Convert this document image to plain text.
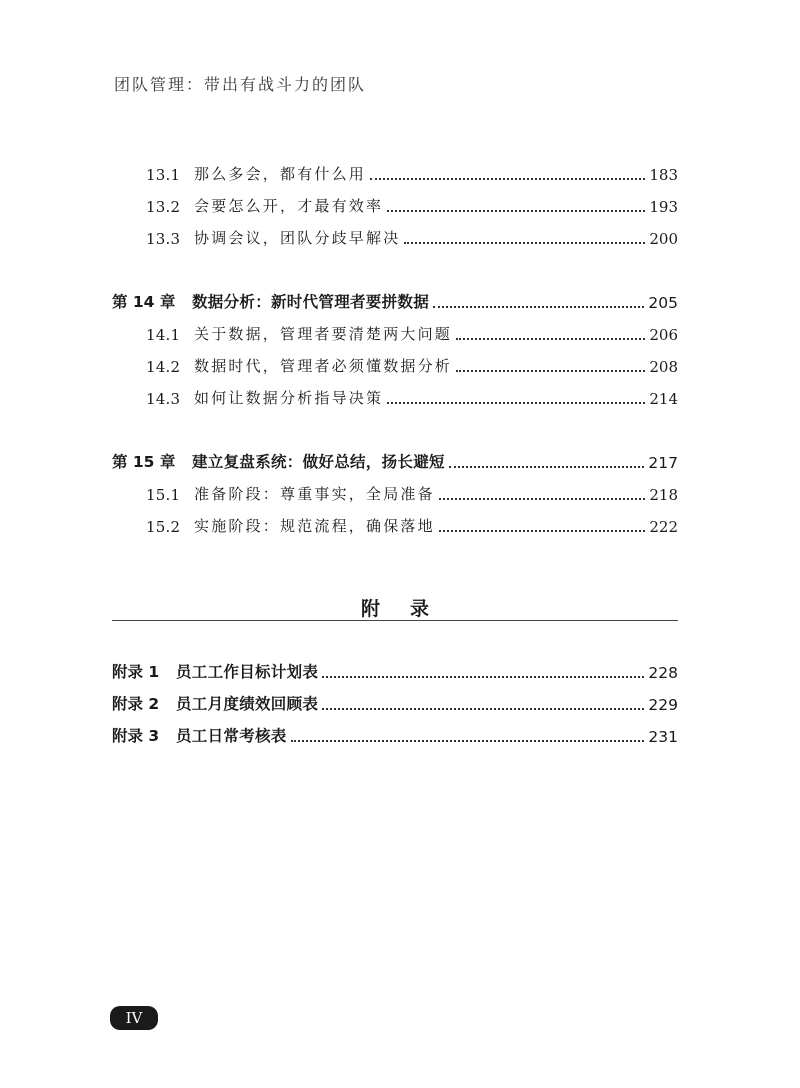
团队管理：带出有战斗力的团队
13.1 那么多会，都有什么用	183
13.2 会要怎么开，才最有效率	193
13.3 协调会议，团队分歧早解决	200
第 14 章	数据分析：新时代管理者要拼数据	205
14.1 关于数据，管理者要清楚两大问题	206
14.2 数据时代，管理者必须懂数据分析	208
14.3 如何让数据分析指导决策	214
第 15 章	建立复盘系统：做好总结，扬长避短	217
15.1 准备阶段：尊重事实，全局准备	218
15.2 实施阶段：规范流程，确保落地	222
附录
附录 1	员工工作目标计划表	228
附录 2	员工月度绩效回顾表	229
附录 3	员工日常考核表	231
IV
